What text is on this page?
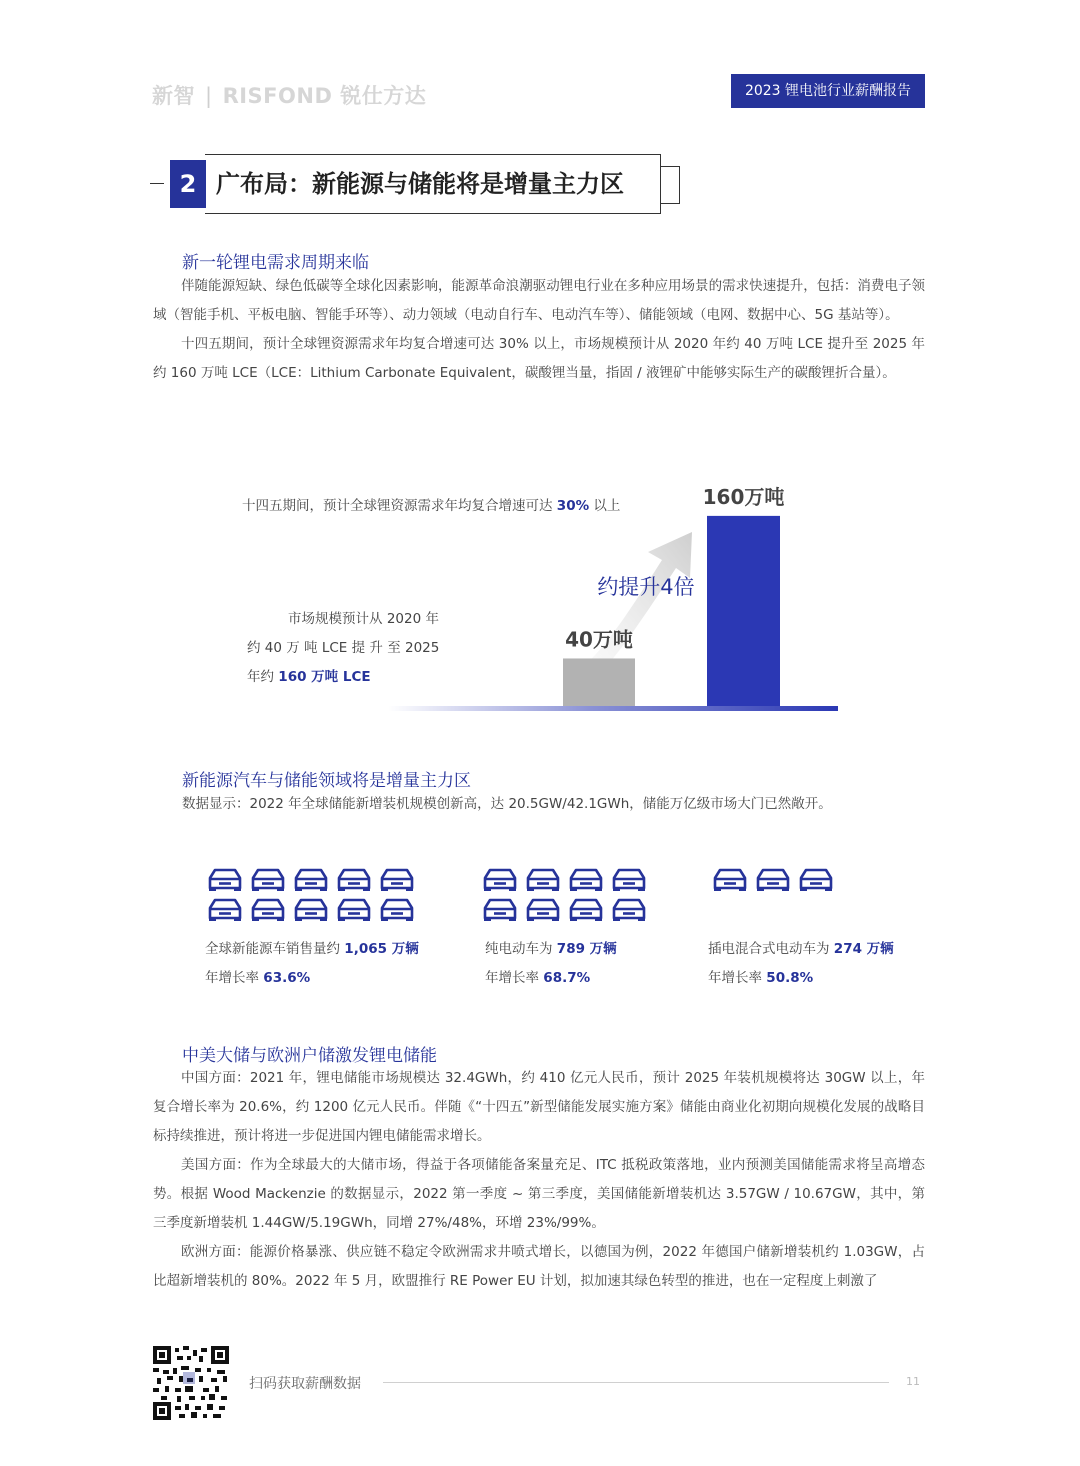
新智 | RISFOND 锐仕方达	2023 锂电池行业薪酬报告
2 广布局：新能源与储能将是增量主力区
新一轮锂电需求周期来临

伴随能源短缺、绿色低碳等全球化因素影响，能源革命浪潮驱动锂电行业在多种应用场景的需求快速提升，包括：消费电子领域（智能手机、平板电脑、智能手环等）、动力领域（电动自行车、电动汽车等）、储能领域（电网、数据中心、5G 基站等）。

十四五期间，预计全球锂资源需求年均复合增速可达 30% 以上，市场规模预计从 2020 年约 40 万吨 LCE 提升至 2025 年约 160 万吨 LCE（LCE：Lithium Carbonate Equivalent，碳酸锂当量，指固 / 液锂矿中能够实际生产的碳酸锂折合量）。

十四五期间，预计全球锂资源需求年均复合增速可达 30% 以上
市场规模预计从 2020 年
约 40 万 吨 LCE 提 升 至 2025
年约 160 万吨 LCE
40万吨
160万吨
约提升4倍
新能源汽车与储能领域将是增量主力区
数据显示：2022 年全球储能新增装机规模创新高，达 20.5GW/42.1GWh，储能万亿级市场大门已然敞开。
全球新能源车销售量约 1,065 万辆
年增长率 63.6%
纯电动车为 789 万辆
年增长率 68.7%
插电混合式电动车为 274 万辆
年增长率 50.8%
中美大储与欧洲户储激发锂电储能

中国方面：2021 年，锂电储能市场规模达 32.4GWh，约 410 亿元人民币，预计 2025 年装机规模将达 30GW 以上，年复合增长率为 20.6%，约 1200 亿元人民币。伴随《“十四五”新型储能发展实施方案》储能由商业化初期向规模化发展的战略目标持续推进，预计将进一步促进国内锂电储能需求增长。

美国方面：作为全球最大的大储市场，得益于各项储能备案量充足、ITC 抵税政策落地，业内预测美国储能需求将呈高增态势。根据 Wood Mackenzie 的数据显示，2022 第一季度 ~ 第三季度，美国储能新增装机达 3.57GW / 10.67GW，其中，第三季度新增装机 1.44GW/5.19GWh，同增 27%/48%，环增 23%/99%。

欧洲方面：能源价格暴涨、供应链不稳定令欧洲需求井喷式增长，以德国为例，2022 年德国户储新增装机约 1.03GW，占比超新增装机的 80%。2022 年 5 月，欧盟推行 RE Power EU 计划，拟加速其绿色转型的推进，也在一定程度上刺激了

扫码获取薪酬数据	11
